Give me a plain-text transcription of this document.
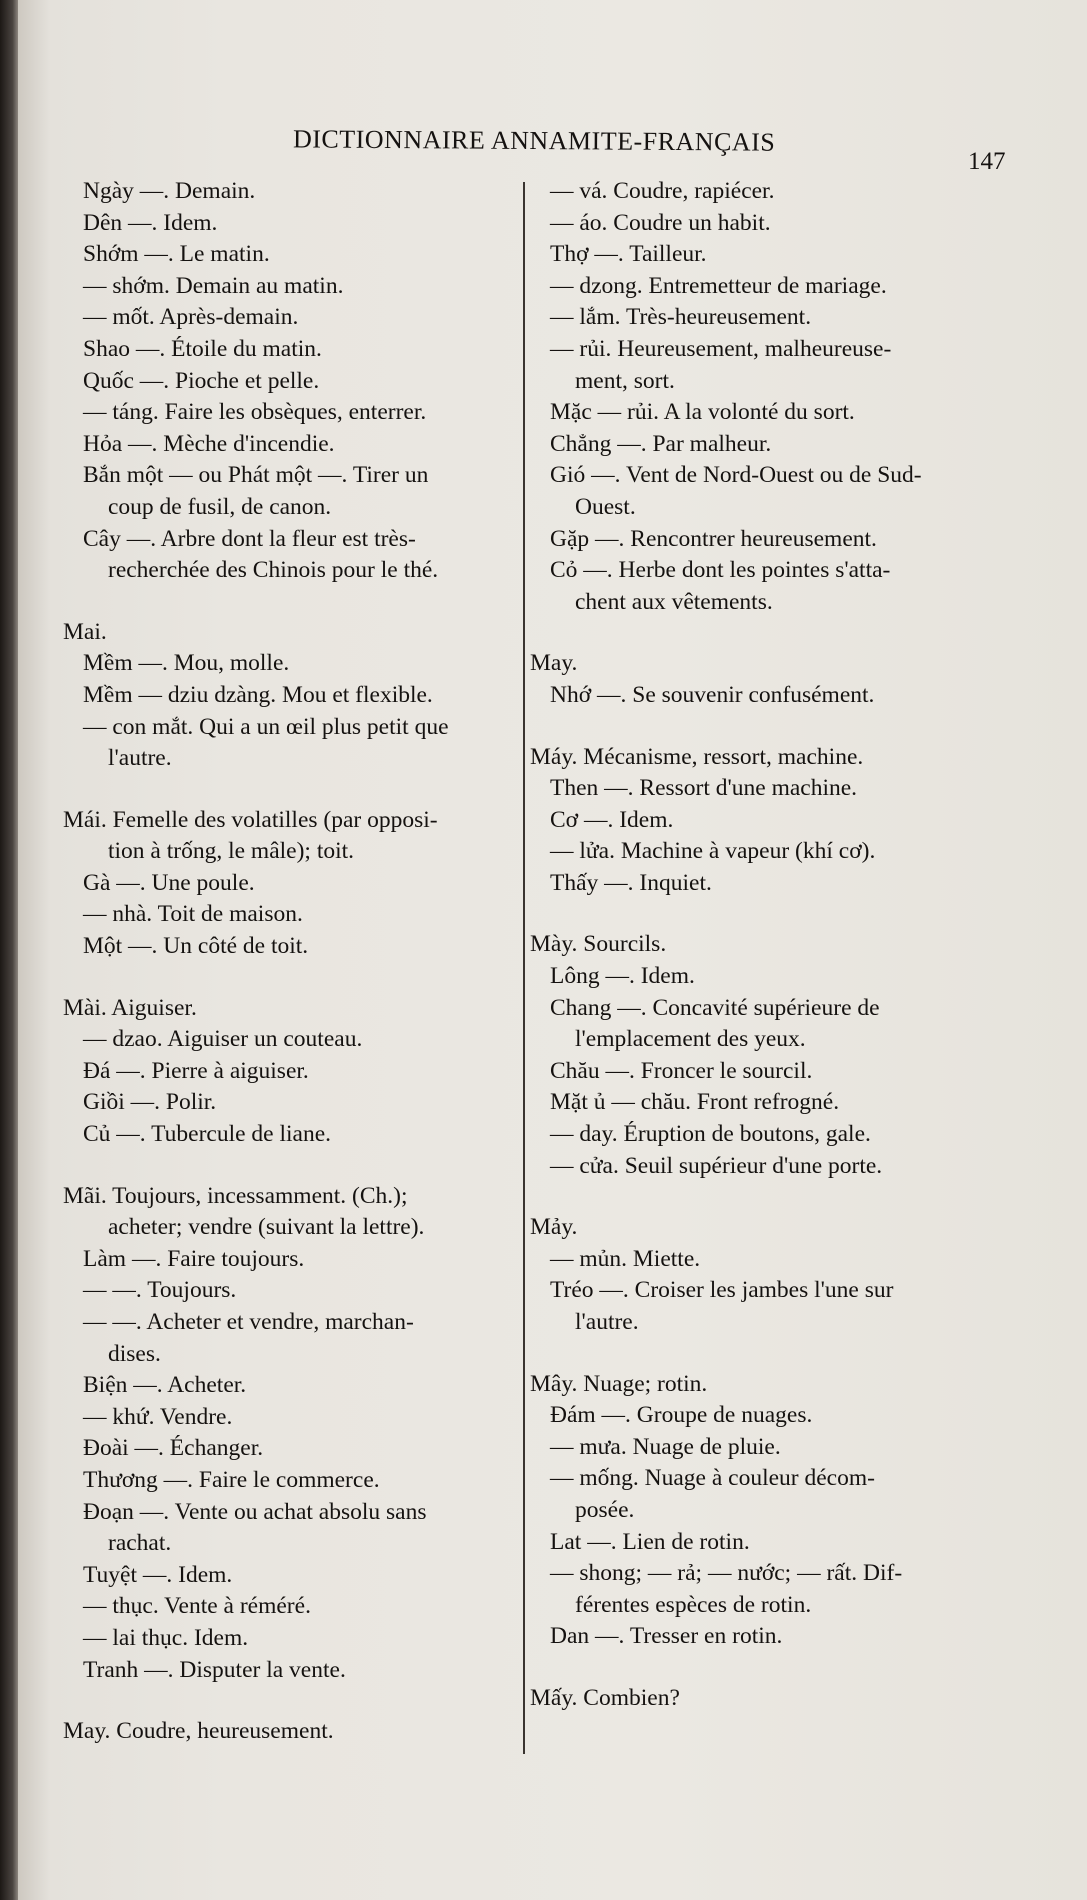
DICTIONNAIRE ANNAMITE-FRANÇAIS
147
Ngày —. Demain.
Dên —. Idem.
Shớm —. Le matin.
— shớm. Demain au matin.
— mốt. Après-demain.
Shao —. Étoile du matin.
Quốc —. Pioche et pelle.
— táng. Faire les obsèques, enterrer.
Hỏa —. Mèche d'incendie.
Bắn một — ou Phát một —. Tirer un
coup de fusil, de canon.
Cây —. Arbre dont la fleur est très-
recherchée des Chinois pour le thé.
Mai.
Mềm —. Mou, molle.
Mềm — dziu dzàng. Mou et flexible.
— con mắt. Qui a un œil plus petit que
l'autre.
Mái. Femelle des volatilles (par opposi-
tion à trống, le mâle); toit.
Gà —. Une poule.
— nhà. Toit de maison.
Một —. Un côté de toit.
Mài. Aiguiser.
— dzao. Aiguiser un couteau.
Đá —. Pierre à aiguiser.
Giồi —. Polir.
Củ —. Tubercule de liane.
Mãi. Toujours, incessamment. (Ch.);
acheter; vendre (suivant la lettre).
Làm —. Faire toujours.
— —. Toujours.
— —. Acheter et vendre, marchan-
dises.
Biện —. Acheter.
— khứ. Vendre.
Đoài —. Échanger.
Thương —. Faire le commerce.
Đoạn —. Vente ou achat absolu sans
rachat.
Tuyệt —. Idem.
— thục. Vente à réméré.
— lai thục. Idem.
Tranh —. Disputer la vente.
May. Coudre, heureusement.
— vá. Coudre, rapiécer.
— áo. Coudre un habit.
Thợ —. Tailleur.
— dzong. Entremetteur de mariage.
— lắm. Très-heureusement.
— rủi. Heureusement, malheureuse-
ment, sort.
Mặc — rủi. A la volonté du sort.
Chẳng —. Par malheur.
Gió —. Vent de Nord-Ouest ou de Sud-
Ouest.
Gặp —. Rencontrer heureusement.
Cỏ —. Herbe dont les pointes s'atta-
chent aux vêtements.
May.
Nhớ —. Se souvenir confusément.
Máy. Mécanisme, ressort, machine.
Then —. Ressort d'une machine.
Cơ —. Idem.
— lửa. Machine à vapeur (khí cơ).
Thấy —. Inquiet.
Mày. Sourcils.
Lông —. Idem.
Chang —. Concavité supérieure de
l'emplacement des yeux.
Chău —. Froncer le sourcil.
Mặt ủ — chău. Front refrogné.
— day. Éruption de boutons, gale.
— cửa. Seuil supérieur d'une porte.
Mảy.
— mủn. Miette.
Tréo —. Croiser les jambes l'une sur
l'autre.
Mây. Nuage; rotin.
Đám —. Groupe de nuages.
— mưa. Nuage de pluie.
— mống. Nuage à couleur décom-
posée.
Lat —. Lien de rotin.
— shong; — rả; — nước; — rất. Dif-
férentes espèces de rotin.
Dan —. Tresser en rotin.
Mấy. Combien?
